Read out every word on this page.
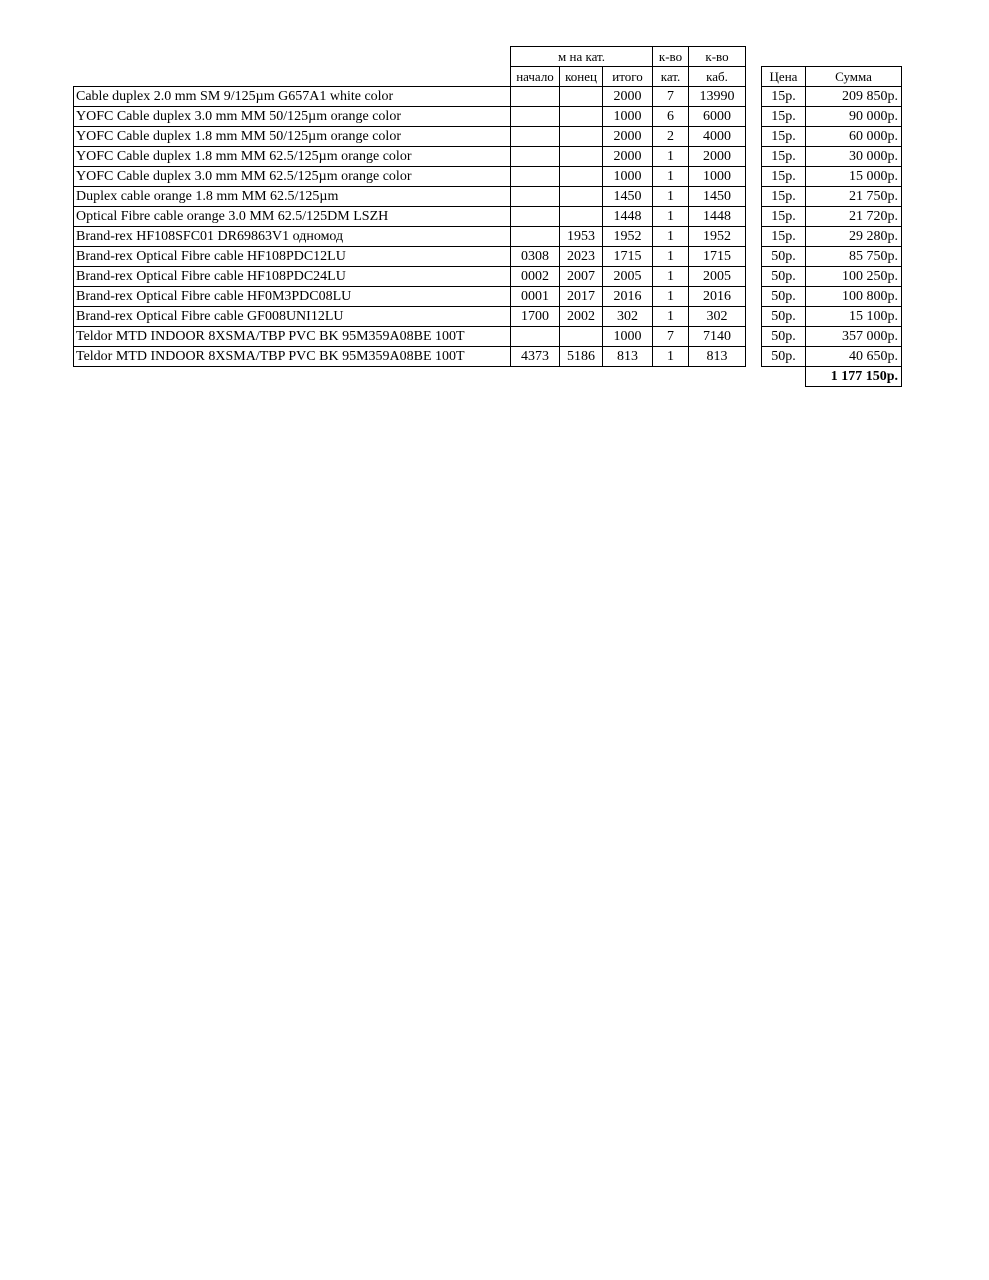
	м на кат.			к-во	к-во			
	начало	конец	итого	кат.	каб.		Цена	Сумма
Cable duplex 2.0 mm SM 9/125µm G657A1 white color			2000	7	13990		15р.	209 850р.
YOFC Cable duplex 3.0 mm MM 50/125µm orange color			1000	6	6000		15р.	90 000р.
YOFC Cable duplex 1.8 mm MM 50/125µm orange color			2000	2	4000		15р.	60 000р.
YOFC Cable duplex 1.8 mm MM 62.5/125µm orange color			2000	1	2000		15р.	30 000р.
YOFC Cable duplex 3.0 mm MM 62.5/125µm orange color			1000	1	1000		15р.	15 000р.
Duplex cable orange 1.8 mm MM 62.5/125µm			1450	1	1450		15р.	21 750р.
Optical Fibre cable orange 3.0 MM 62.5/125DM LSZH			1448	1	1448		15р.	21 720р.
Brand-rex HF108SFC01 DR69863V1 одномод		1953	1952	1	1952		15р.	29 280р.
Brand-rex Optical Fibre cable HF108PDC12LU	0308	2023	1715	1	1715		50р.	85 750р.
Brand-rex Optical Fibre cable HF108PDC24LU	0002	2007	2005	1	2005		50р.	100 250р.
Brand-rex Optical Fibre cable HF0M3PDC08LU	0001	2017	2016	1	2016		50р.	100 800р.
Brand-rex Optical Fibre cable GF008UNI12LU	1700	2002	302	1	302		50р.	15 100р.
Teldor MTD INDOOR 8XSMA/TBP PVC BK 95M359A08BE 100T			1000	7	7140		50р.	357 000р.
Teldor MTD INDOOR 8XSMA/TBP PVC BK 95M359A08BE 100T	4373	5186	813	1	813		50р.	40 650р.
								1 177 150р.
